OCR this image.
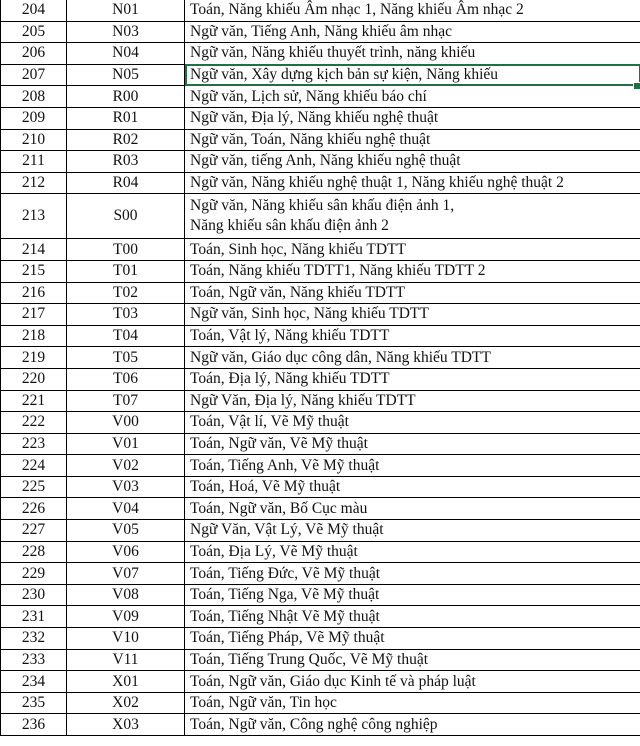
204	N01	Toán, Năng khiếu Âm nhạc 1, Năng khiếu Âm nhạc 2
205	N03	Ngữ văn, Tiếng Anh, Năng khiếu âm nhạc
206	N04	Ngữ văn, Năng khiếu thuyết trình, năng khiếu
207	N05	Ngữ văn, Xây dựng kịch bản sự kiện, Năng khiếu
208	R00	Ngữ văn, Lịch sử, Năng khiếu báo chí
209	R01	Ngữ văn, Địa lý, Năng khiếu nghệ thuật
210	R02	Ngữ văn, Toán, Năng khiếu nghệ thuật
211	R03	Ngữ văn, tiếng Anh, Năng khiếu nghệ thuật
212	R04	Ngữ văn, Năng khiếu nghệ thuật 1, Năng khiếu nghệ thuật 2
213	S00	Ngữ văn, Năng khiếu sân khấu điện ảnh 1,
Năng khiếu sân khấu điện ảnh 2
214	T00	Toán, Sinh học, Năng khiếu TDTT
215	T01	Toán, Năng khiếu TDTT1, Năng khiếu TDTT 2
216	T02	Toán, Ngữ văn, Năng khiếu TDTT
217	T03	Ngữ văn, Sinh học, Năng khiếu TDTT
218	T04	Toán, Vật lý, Năng khiếu TDTT
219	T05	Ngữ văn, Giáo dục công dân, Năng khiếu TDTT
220	T06	Toán, Địa lý, Năng khiếu TDTT
221	T07	Ngữ Văn, Địa lý, Năng khiếu TDTT
222	V00	Toán, Vật lí, Vẽ Mỹ thuật
223	V01	Toán, Ngữ văn, Vẽ Mỹ thuật
224	V02	Toán, Tiếng Anh, Vẽ Mỹ thuật
225	V03	Toán, Hoá, Vẽ Mỹ thuật
226	V04	Toán, Ngữ văn, Bố Cục màu
227	V05	Ngữ Văn, Vật Lý, Vẽ Mỹ thuật
228	V06	Toán, Địa Lý, Vẽ Mỹ thuật
229	V07	Toán, Tiếng Đức, Vẽ Mỹ thuật
230	V08	Toán, Tiếng Nga, Vẽ Mỹ thuật
231	V09	Toán, Tiếng Nhật Vẽ Mỹ thuật
232	V10	Toán, Tiếng Pháp, Vẽ Mỹ thuật
233	V11	Toán, Tiếng Trung Quốc, Vẽ Mỹ thuật
234	X01	Toán, Ngữ văn, Giáo dục Kinh tế và pháp luật
235	X02	Toán, Ngữ văn, Tin học
236	X03	Toán, Ngữ văn, Công nghệ công nghiệp
